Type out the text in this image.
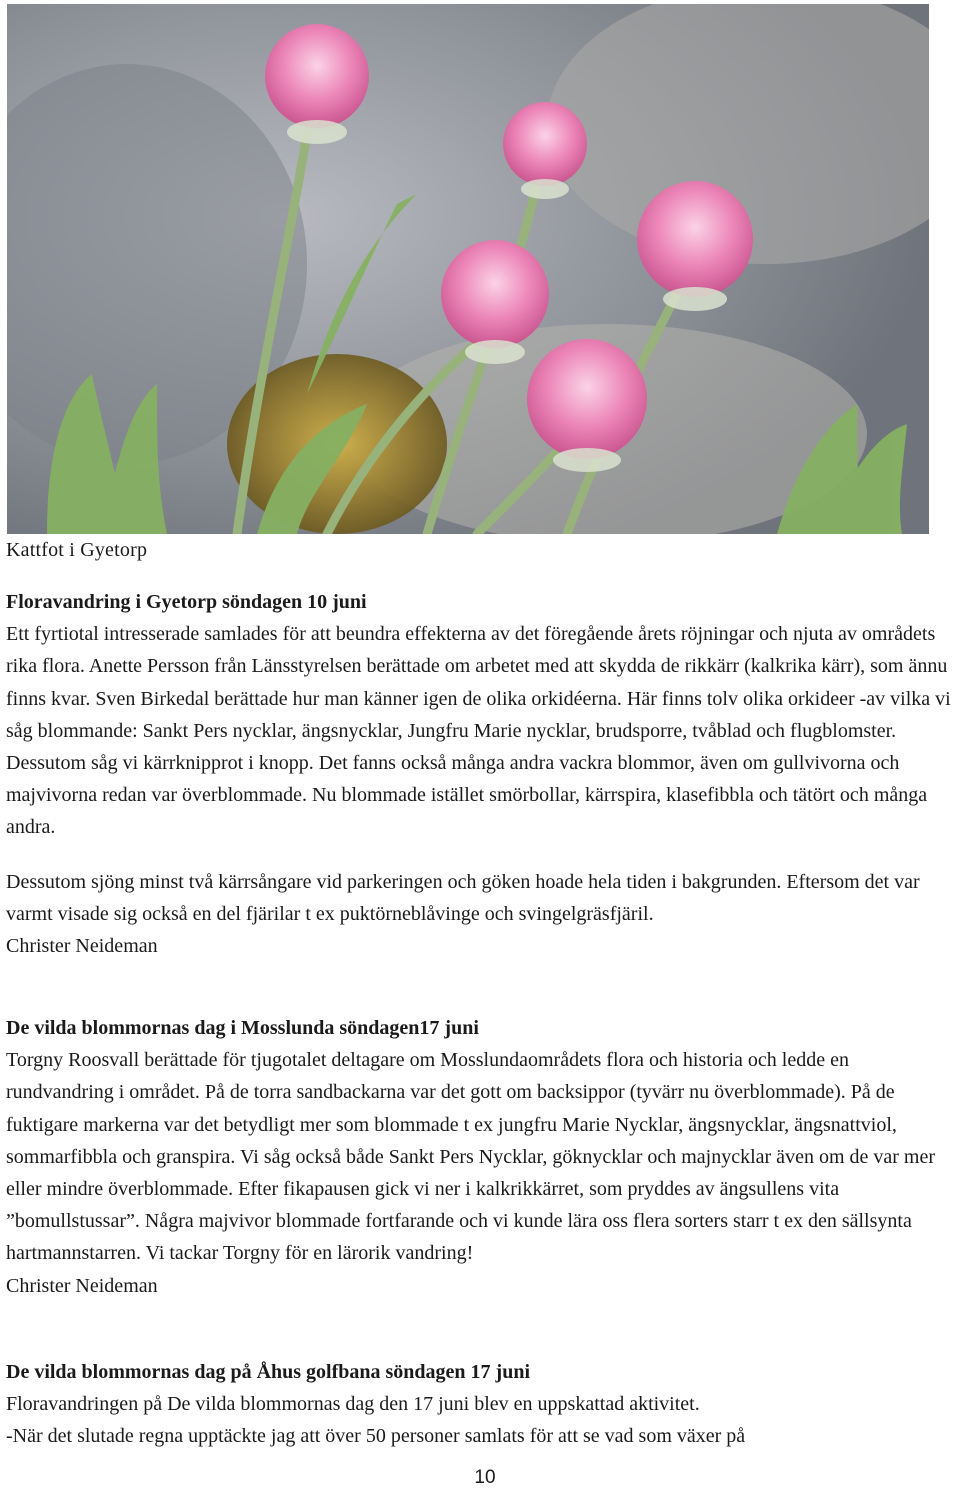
Kattfot i Gyetorp

Floravandring i Gyetorp söndagen 10 juni

Ett fyrtiotal intresserade samlades för att beundra effekterna av det föregående årets röjningar och njuta av områdets rika flora. Anette Persson från Länsstyrelsen berättade om arbetet med att skydda de rikkärr (kalkrika kärr), som ännu finns kvar. Sven Birkedal berättade hur man känner igen de olika orkidéerna. Här finns tolv olika orkideer -av vilka vi såg blommande: Sankt Pers nycklar, ängsnycklar, Jungfru Marie nycklar, brudsporre, tvåblad och flugblomster. Dessutom såg vi kärrknipprot i knopp. Det fanns också många andra vackra blommor, även om gullvivorna och majvivorna redan var överblommade. Nu blommade istället smörbollar, kärrspira, klasefibbla och tätört och många andra.

Dessutom sjöng minst två kärrsångare vid parkeringen och göken hoade hela tiden i bakgrunden. Eftersom det var varmt visade sig också en del fjärilar t ex puktörneblåvinge och svingelgräsfjäril.

Christer Neideman

De vilda blommornas dag i Mosslunda söndagen17 juni

Torgny Roosvall berättade för tjugotalet deltagare om Mosslundaområdets flora och historia och ledde en rundvandring i området. På de torra sandbackarna var det gott om backsippor (tyvärr nu överblommade). På de fuktigare markerna var det betydligt mer som blommade t ex jungfru Marie Nycklar, ängsnycklar, ängsnattviol, sommarfibbla och granspira. Vi såg också både Sankt Pers Nycklar, göknycklar och majnycklar även om de var mer eller mindre överblommade. Efter fikapausen gick vi ner i kalkrikkärret, som pryddes av ängsullens vita ”bomullstussar”. Några majvivor blommade fortfarande och vi kunde lära oss flera sorters starr t ex den sällsynta hartmannstarren. Vi tackar Torgny för en lärorik vandring!

Christer Neideman

De vilda blommornas dag på Åhus golfbana söndagen 17 juni

Floravandringen på De vilda blommornas dag den 17 juni blev en uppskattad aktivitet.

-När det slutade regna upptäckte jag att över 50 personer samlats för att se vad som växer på

10
